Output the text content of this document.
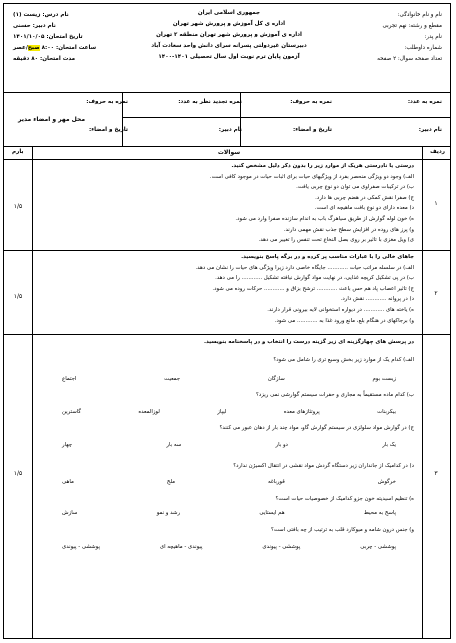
نام و نام خانوادگی:
مقطع و رشته: نهم تجربی
نام پدر:
شماره داوطلب:
تعداد صفحه سوال: ۲ صفحه
جمهوری اسلامی ایران
اداره ی کل آموزش و پرورش شهر تهران
اداره ی آموزش و پرورش شهر تهران منطقه ۲ تهران
دبیرستان غیردولتی پسرانه سرای دانش واحد سعادت آباد
آزمون پایان ترم نوبت اول سال تحصیلی ۱۴۰۱-۱۴۰۰
نام درس: زیست (۱)
نام دبیر: حسنی
تاریخ امتحان: ۱۴۰۱/۱۰/۰۵
ساعت امتحان: ۸:۰۰ صبح/عصر
مدت امتحان: ۸۰ دقیقه
نمره به عدد:
نمره به حروف:
نمره تجدید نظر به عدد:
نمره به حروف:
نام دبیر:
تاریخ و امضاء:
نام دبیر:
تاریخ و امضاء:
محل مهر و امضاء مدیر
ردیف
سوالات
بارم
۱
۱/۵
درستی یا نادرستی هریک از موارد زیر را بدون ذکر دلیل مشخص کنید.
الف) وجود دو ویژگی منحصر بفرد از ویژگیهای حیات برای اثبات حیات در موجود کافی است.
ب) در ترکیبات صفراوی می توان دو نوع چربی یافت.
ج) صفرا نقش کمکی در هضم چربی ها دارد.
د) معده دارای دو نوع بافت ماهیچه ای است.
ه) خون لوله گوارش از طریق سیاهرگ باب به اندام سازنده صفرا وارد می شود.
و) پرز های روده در افزایش سطح جذب نقش مهمی دارند.
ی) ویل مغزی با تاثیر بر روی بصل النخاع تحت تنفس را تغییر می دهد.
۲
۱/۵
جاهای خالی را با عبارات مناسب پر کرده و در برگه پاسخ بنویسید.
الف) در سلسله مراتب حیات ............ جایگاه خاصی دارد زیرا ویژگی های حیات را نشان می دهد.
ب) در پی تشکیل کرپچه غذایی، در نهایت مواد گوارش نیافته تشکیل ............ را می دهد.
ج) تاثیر اعصاب پاد هم حس باعث ............ ترشح بزاق و ............ حرکات روده می شود.
د) در پروانه ............ نقش دارد.
ه) یاخته های ............ در دیواره استخوانی لایه بیرونی قرار دارند.
و) برجاکهای در هنگام بلع، مانع ورود غذا به ............ می شود.
۳
۱/۵
در پرسش های چهارگزینه ای زیر گزینه درست را انتخاب و در پاسخنامه بنویسید.
الف) کدام یک از موارد زیر بخش وسیع تری را شامل می شود؟
زیست بوم
سازگان
جمعیت
اجتماع
ب) کدام ماده مستقیماً به مجاری و حفرات سیستم گوارشی نمی ریزد؟
بیکربنات
پروتئازهای معده
لیپاز
لوزالمعده
گاسترین
ج) در گوارش مواد سلولزی در سیستم گوارش گاو، مواد چند بار از دهان عبور می کنند؟
یک بار
دو بار
سه بار
چهار
د) در کدامیک از جانداران زیر دستگاه گردش مواد نقشی در انتقال اکسیژن ندارد؟
خرگوش
قورباغه
ملخ
ماهی
ه) تنظیم اسیدیته خون جزو کدامیک از خصوصیات حیات است؟
پاسخ به محیط
هم ایستایی
رشد و نمو
سازش
و) جنس درون شامه و میوکارد قلب به ترتیب از چه بافتی است؟
پوششی - چربی
پوششی - پیوندی
پیوندی - ماهیچه ای
پوششی - پیوندی
